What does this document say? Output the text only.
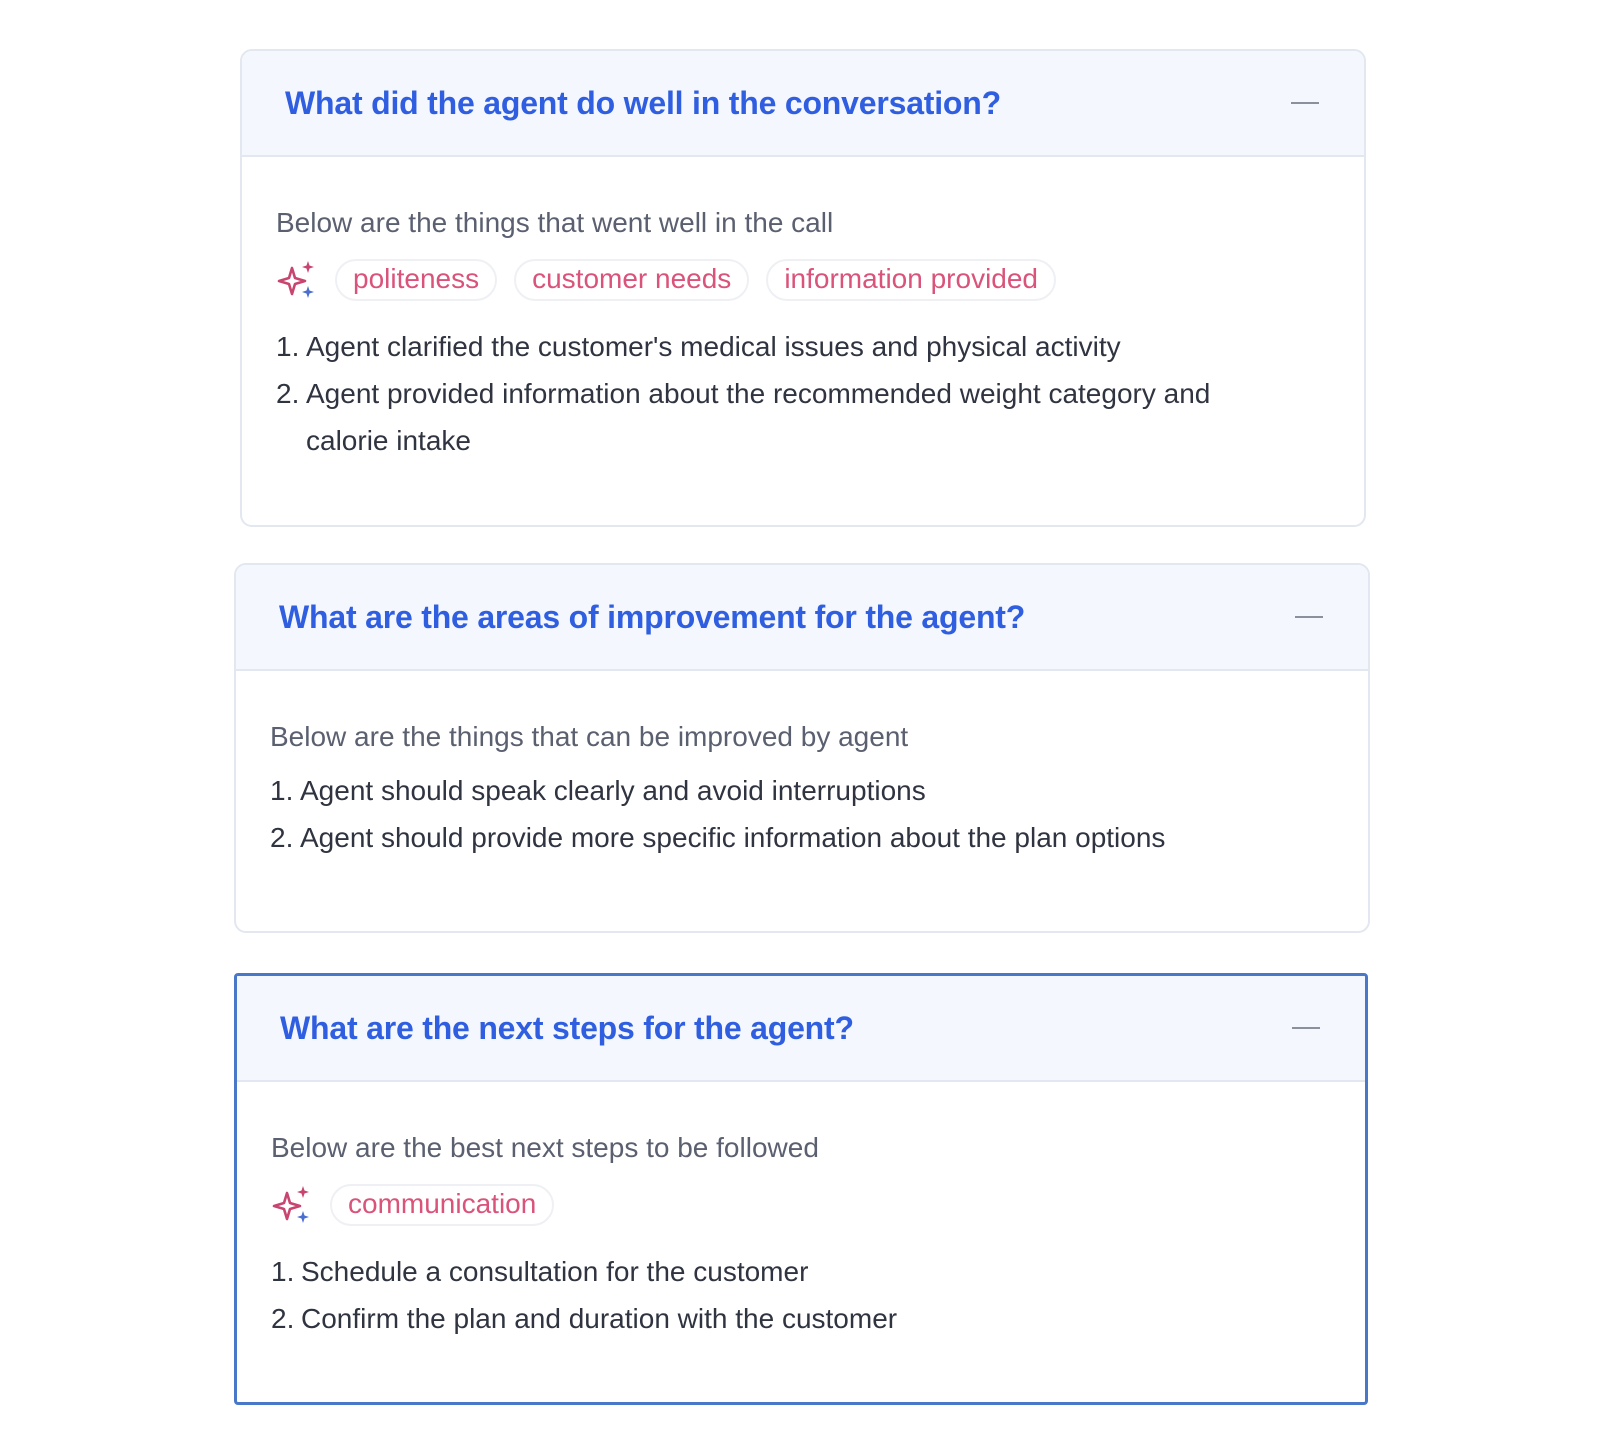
What did the agent do well in the conversation?

Below are the things that went well in the call

politeness	customer needs	information provided
1. Agent clarified the customer's medical issues and physical activity
2. Agent provided information about the recommended weight category and calorie intake
What are the areas of improvement for the agent?

Below are the things that can be improved by agent

1. Agent should speak clearly and avoid interruptions
2. Agent should provide more specific information about the plan options
What are the next steps for the agent?

Below are the best next steps to be followed

communication
1. Schedule a consultation for the customer
2. Confirm the plan and duration with the customer
